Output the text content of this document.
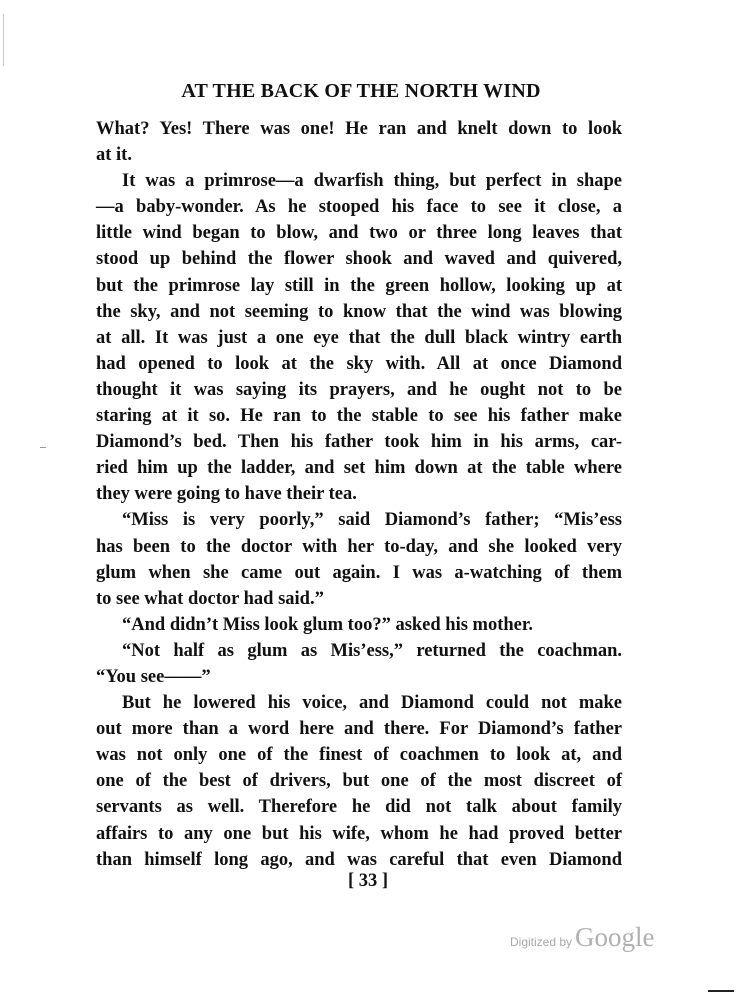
AT THE BACK OF THE NORTH WIND
What? Yes! There was one! He ran and knelt down to look
at it.
It was a primrose—a dwarfish thing, but perfect in shape
—a baby-wonder. As he stooped his face to see it close, a
little wind began to blow, and two or three long leaves that
stood up behind the flower shook and waved and quivered,
but the primrose lay still in the green hollow, looking up at
the sky, and not seeming to know that the wind was blowing
at all. It was just a one eye that the dull black wintry earth
had opened to look at the sky with. All at once Diamond
thought it was saying its prayers, and he ought not to be
staring at it so. He ran to the stable to see his father make
Diamond’s bed. Then his father took him in his arms, car-
ried him up the ladder, and set him down at the table where
they were going to have their tea.
“Miss is very poorly,” said Diamond’s father; “Mis’ess
has been to the doctor with her to-day, and she looked very
glum when she came out again. I was a-watching of them
to see what doctor had said.”
“And didn’t Miss look glum too?” asked his mother.
“Not half as glum as Mis’ess,” returned the coachman.
“You see——”
But he lowered his voice, and Diamond could not make
out more than a word here and there. For Diamond’s father
was not only one of the finest of coachmen to look at, and
one of the best of drivers, but one of the most discreet of
servants as well. Therefore he did not talk about family
affairs to any one but his wife, whom he had proved better
than himself long ago, and was careful that even Diamond
[ 33 ]
Digitized by Google
